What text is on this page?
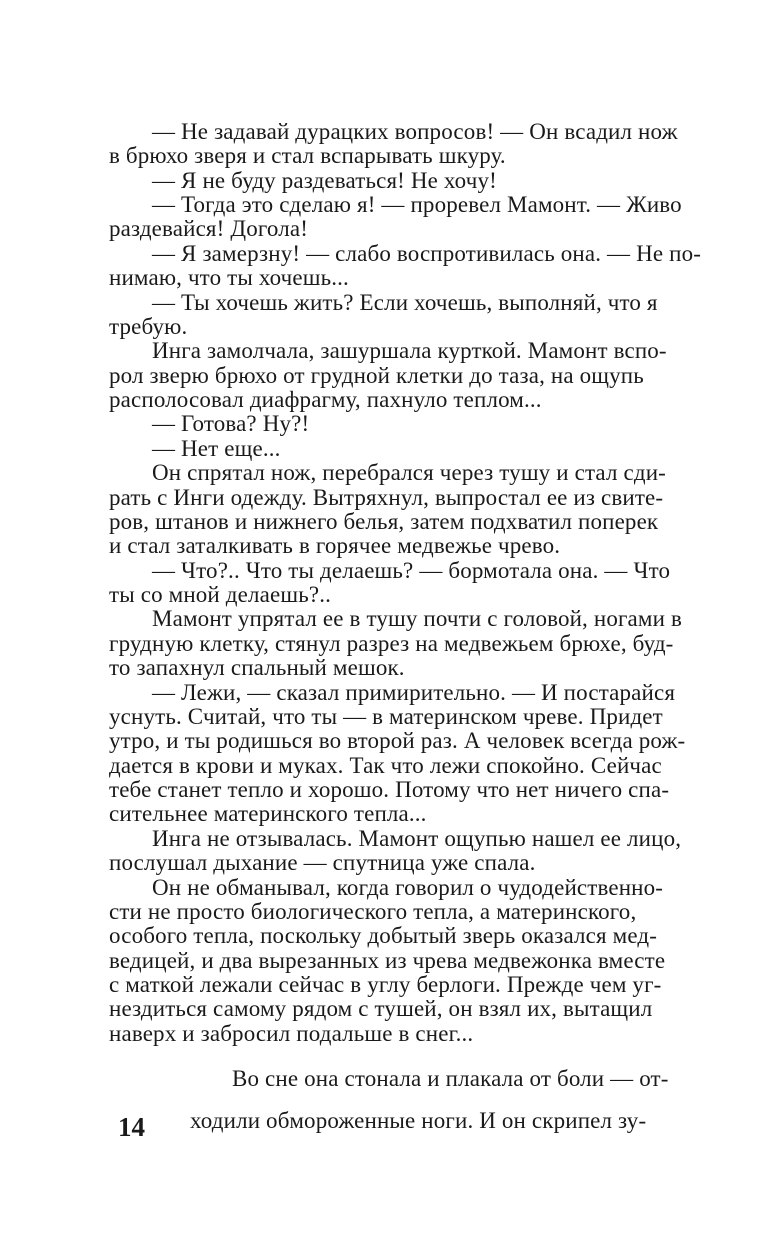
— Не задавай дурацких вопросов! — Он всадил нож
в брюхо зверя и стал вспарывать шкуру.
— Я не буду раздеваться! Не хочу!
— Тогда это сделаю я! — проревел Мамонт. — Живо
раздевайся! Догола!
— Я замерзну! — слабо воспротивилась она. — Не по-
нимаю, что ты хочешь...
— Ты хочешь жить? Если хочешь, выполняй, что я
требую.
Инга замолчала, зашуршала курткой. Мамонт вспо-
рол зверю брюхо от грудной клетки до таза, на ощупь
располосовал диафрагму, пахнуло теплом...
— Готова? Ну?!
— Нет еще...
Он спрятал нож, перебрался через тушу и стал сди-
рать с Инги одежду. Вытряхнул, выпростал ее из свите-
ров, штанов и нижнего белья, затем подхватил поперек
и стал заталкивать в горячее медвежье чрево.
— Что?.. Что ты делаешь? — бормотала она. — Что
ты со мной делаешь?..
Мамонт упрятал ее в тушу почти с головой, ногами в
грудную клетку, стянул разрез на медвежьем брюхе, буд-
то запахнул спальный мешок.
— Лежи, — сказал примирительно. — И постарайся
уснуть. Считай, что ты — в материнском чреве. Придет
утро, и ты родишься во второй раз. А человек всегда рож-
дается в крови и муках. Так что лежи спокойно. Сейчас
тебе станет тепло и хорошо. Потому что нет ничего спа-
сительнее материнского тепла...
Инга не отзывалась. Мамонт ощупью нашел ее лицо,
послушал дыхание — спутница уже спала.
Он не обманывал, когда говорил о чудодейственно-
сти не просто биологического тепла, а материнского,
особого тепла, поскольку добытый зверь оказался мед-
ведицей, и два вырезанных из чрева медвежонка вместе
с маткой лежали сейчас в углу берлоги. Прежде чем уг-
нездиться самому рядом с тушей, он взял их, вытащил
наверх и забросил подальше в снег...
Во сне она стонала и плакала от боли — от-
ходили обмороженные ноги. И он скрипел зу-
14
